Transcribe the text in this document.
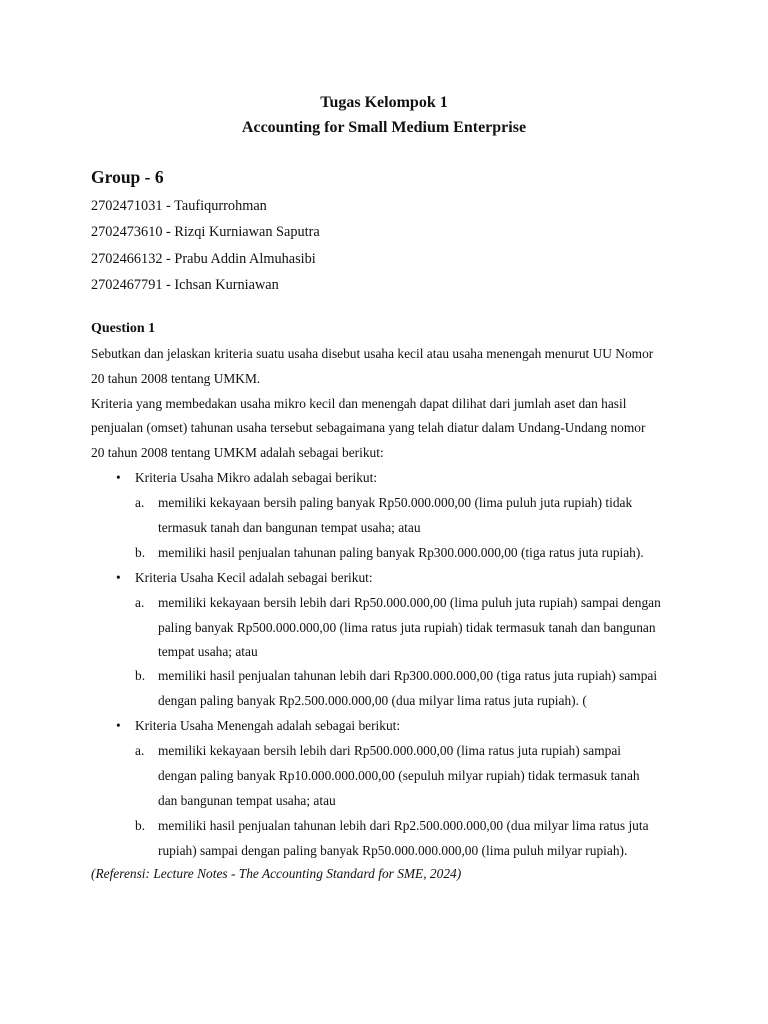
Tugas Kelompok 1
Accounting for Small Medium Enterprise
Group - 6
2702471031 - Taufiqurrohman
2702473610 - Rizqi Kurniawan Saputra
2702466132 - Prabu Addin Almuhasibi
2702467791 - Ichsan Kurniawan
Question 1
Sebutkan dan jelaskan kriteria suatu usaha disebut usaha kecil atau usaha menengah menurut UU Nomor
20 tahun 2008 tentang UMKM.
Kriteria yang membedakan usaha mikro kecil dan menengah dapat dilihat dari jumlah aset dan hasil
penjualan (omset) tahunan usaha tersebut sebagaimana yang telah diatur dalam Undang-Undang nomor
20 tahun 2008 tentang UMKM adalah sebagai berikut:
• Kriteria Usaha Mikro adalah sebagai berikut:
a. memiliki kekayaan bersih paling banyak Rp50.000.000,00 (lima puluh juta rupiah) tidak
termasuk tanah dan bangunan tempat usaha; atau
b. memiliki hasil penjualan tahunan paling banyak Rp300.000.000,00 (tiga ratus juta rupiah).
• Kriteria Usaha Kecil adalah sebagai berikut:
a. memiliki kekayaan bersih lebih dari Rp50.000.000,00 (lima puluh juta rupiah) sampai dengan
paling banyak Rp500.000.000,00 (lima ratus juta rupiah) tidak termasuk tanah dan bangunan
tempat usaha; atau
b. memiliki hasil penjualan tahunan lebih dari Rp300.000.000,00 (tiga ratus juta rupiah) sampai
dengan paling banyak Rp2.500.000.000,00 (dua milyar lima ratus juta rupiah). (
• Kriteria Usaha Menengah adalah sebagai berikut:
a. memiliki kekayaan bersih lebih dari Rp500.000.000,00 (lima ratus juta rupiah) sampai
dengan paling banyak Rp10.000.000.000,00 (sepuluh milyar rupiah) tidak termasuk tanah
dan bangunan tempat usaha; atau
b. memiliki hasil penjualan tahunan lebih dari Rp2.500.000.000,00 (dua milyar lima ratus juta
rupiah) sampai dengan paling banyak Rp50.000.000.000,00 (lima puluh milyar rupiah).
(Referensi: Lecture Notes - The Accounting Standard for SME, 2024)
